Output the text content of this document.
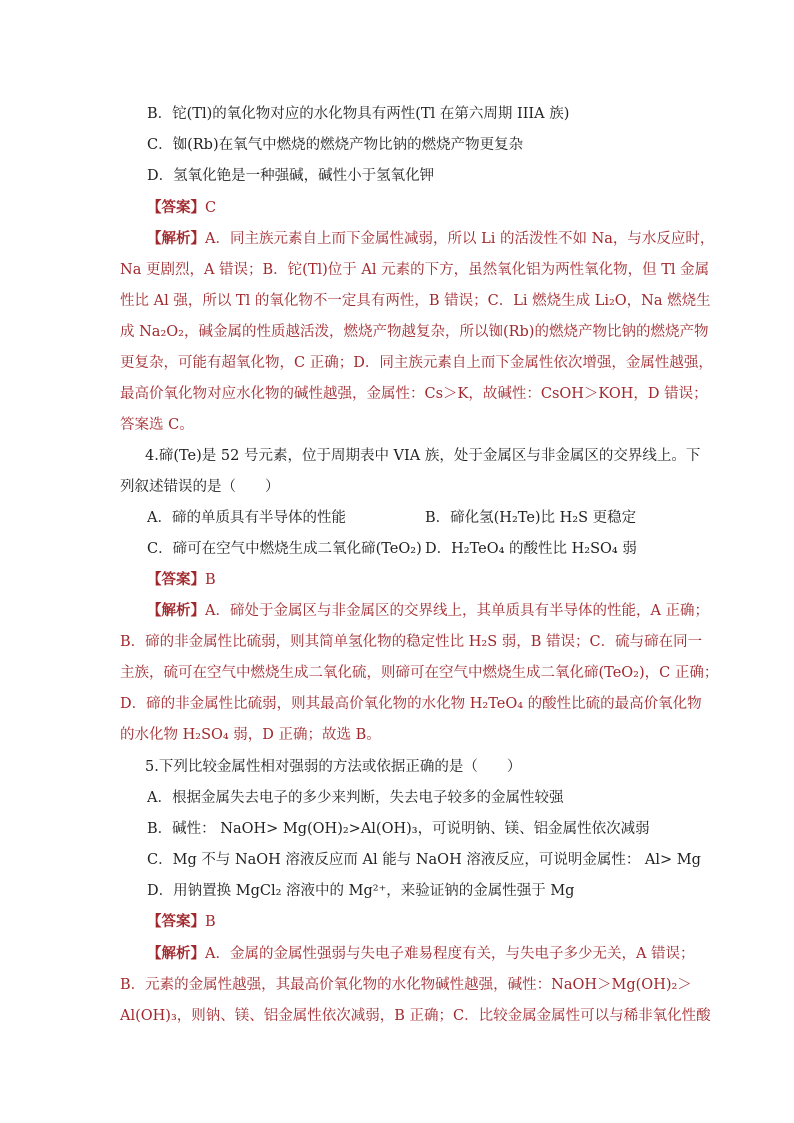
B．铊(Tl)的氧化物对应的水化物具有两性(Tl 在第六周期 IIIA 族)
C．铷(Rb)在氧气中燃烧的燃烧产物比钠的燃烧产物更复杂
D．氢氧化铯是一种强碱，碱性小于氢氧化钾
【答案】C
【解析】A．同主族元素自上而下金属性减弱，所以 Li 的活泼性不如 Na，与水反应时，
Na 更剧烈，A 错误；B．铊(Tl)位于 Al 元素的下方，虽然氧化铝为两性氧化物，但 Tl 金属
性比 Al 强，所以 Tl 的氧化物不一定具有两性，B 错误；C．Li 燃烧生成 Li₂O，Na 燃烧生
成 Na₂O₂，碱金属的性质越活泼，燃烧产物越复杂，所以铷(Rb)的燃烧产物比钠的燃烧产物
更复杂，可能有超氧化物，C 正确；D．同主族元素自上而下金属性依次增强，金属性越强，
最高价氧化物对应水化物的碱性越强，金属性：Cs＞K，故碱性：CsOH＞KOH，D 错误；
答案选 C。
4.碲(Te)是 52 号元素，位于周期表中 VIA 族，处于金属区与非金属区的交界线上。下
列叙述错误的是（　　）
A．碲的单质具有半导体的性能	B．碲化氢(H₂Te)比 H₂S 更稳定
C．碲可在空气中燃烧生成二氧化碲(TeO₂) D．H₂TeO₄ 的酸性比 H₂SO₄ 弱
【答案】B
【解析】A．碲处于金属区与非金属区的交界线上，其单质具有半导体的性能，A 正确；
B．碲的非金属性比硫弱，则其简单氢化物的稳定性比 H₂S 弱，B 错误；C．硫与碲在同一
主族，硫可在空气中燃烧生成二氧化硫，则碲可在空气中燃烧生成二氧化碲(TeO₂)，C 正确；
D．碲的非金属性比硫弱，则其最高价氧化物的水化物 H₂TeO₄ 的酸性比硫的最高价氧化物
的水化物 H₂SO₄ 弱，D 正确；故选 B。
5.下列比较金属性相对强弱的方法或依据正确的是（　　）
A．根据金属失去电子的多少来判断，失去电子较多的金属性较强
B．碱性： NaOH> Mg(OH)₂>Al(OH)₃，可说明钠、镁、铝金属性依次减弱
C．Mg 不与 NaOH 溶液反应而 Al 能与 NaOH 溶液反应，可说明金属性： Al> Mg
D．用钠置换 MgCl₂ 溶液中的 Mg²⁺，来验证钠的金属性强于 Mg
【答案】B
【解析】A．金属的金属性强弱与失电子难易程度有关，与失电子多少无关，A 错误；
B．元素的金属性越强，其最高价氧化物的水化物碱性越强，碱性：NaOH＞Mg(OH)₂＞
Al(OH)₃，则钠、镁、铝金属性依次减弱，B 正确；C．比较金属金属性可以与稀非氧化性酸
